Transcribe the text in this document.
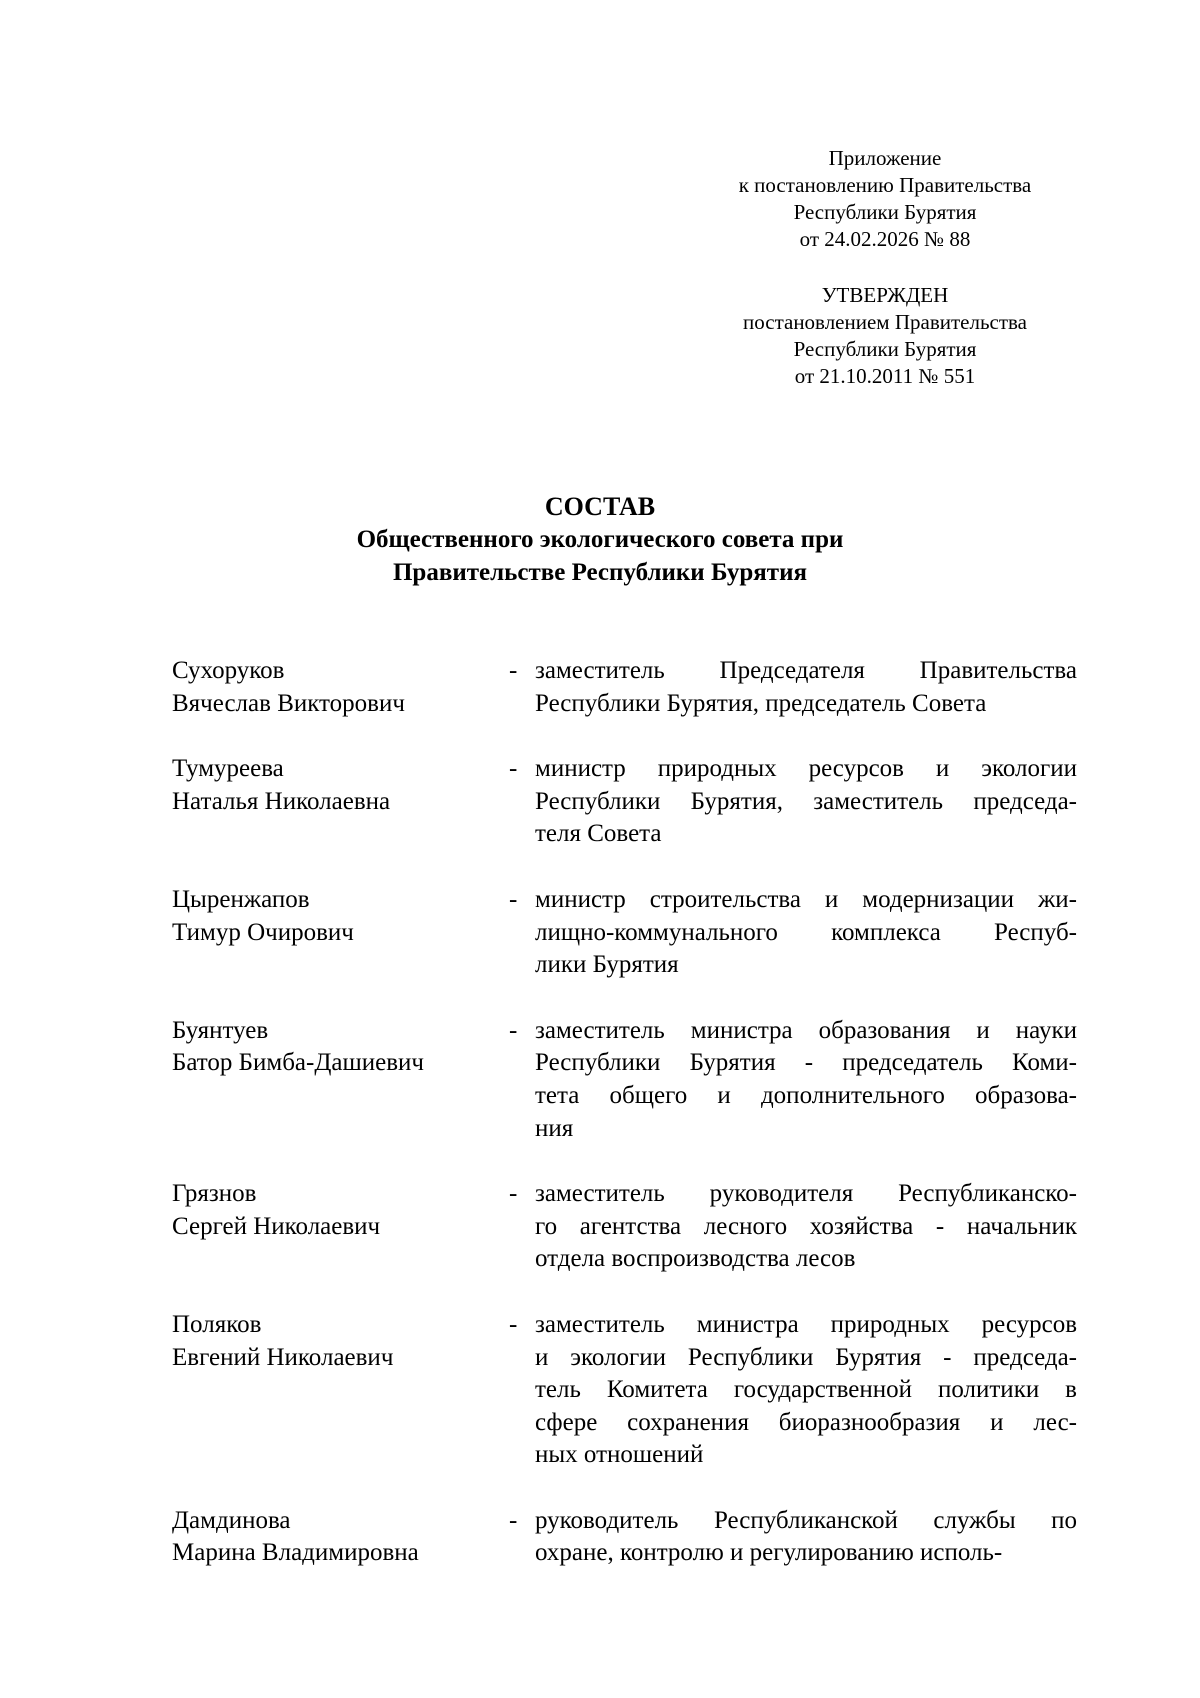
Приложение
к постановлению Правительства
Республики Бурятия
от 24.02.2026 № 88
УТВЕРЖДЕН
постановлением Правительства
Республики Бурятия
от 21.10.2011 № 551
СОСТАВ
Общественного экологического совета при
Правительстве Республики Бурятия
Сухоруков
Вячеслав Викторович
- заместитель Председателя Правительства
Республики Бурятия, председатель Совета
Тумуреева
Наталья Николаевна
- министр природных ресурсов и экологии
Республики Бурятия, заместитель председа-
теля Совета
Цыренжапов
Тимур Очирович
- министр строительства и модернизации жи-
лищно-коммунального комплекса Респуб-
лики Бурятия
Буянтуев
Батор Бимба-Дашиевич
- заместитель министра образования и науки
Республики Бурятия - председатель Коми-
тета общего и дополнительного образова-
ния
Грязнов
Сергей Николаевич
- заместитель руководителя Республиканско-
го агентства лесного хозяйства - начальник
отдела воспроизводства лесов
Поляков
Евгений Николаевич
- заместитель министра природных ресурсов
и экологии Республики Бурятия - председа-
тель Комитета государственной политики в
сфере сохранения биоразнообразия и лес-
ных отношений
Дамдинова
Марина Владимировна
- руководитель Республиканской службы по
охране, контролю и регулированию исполь-
